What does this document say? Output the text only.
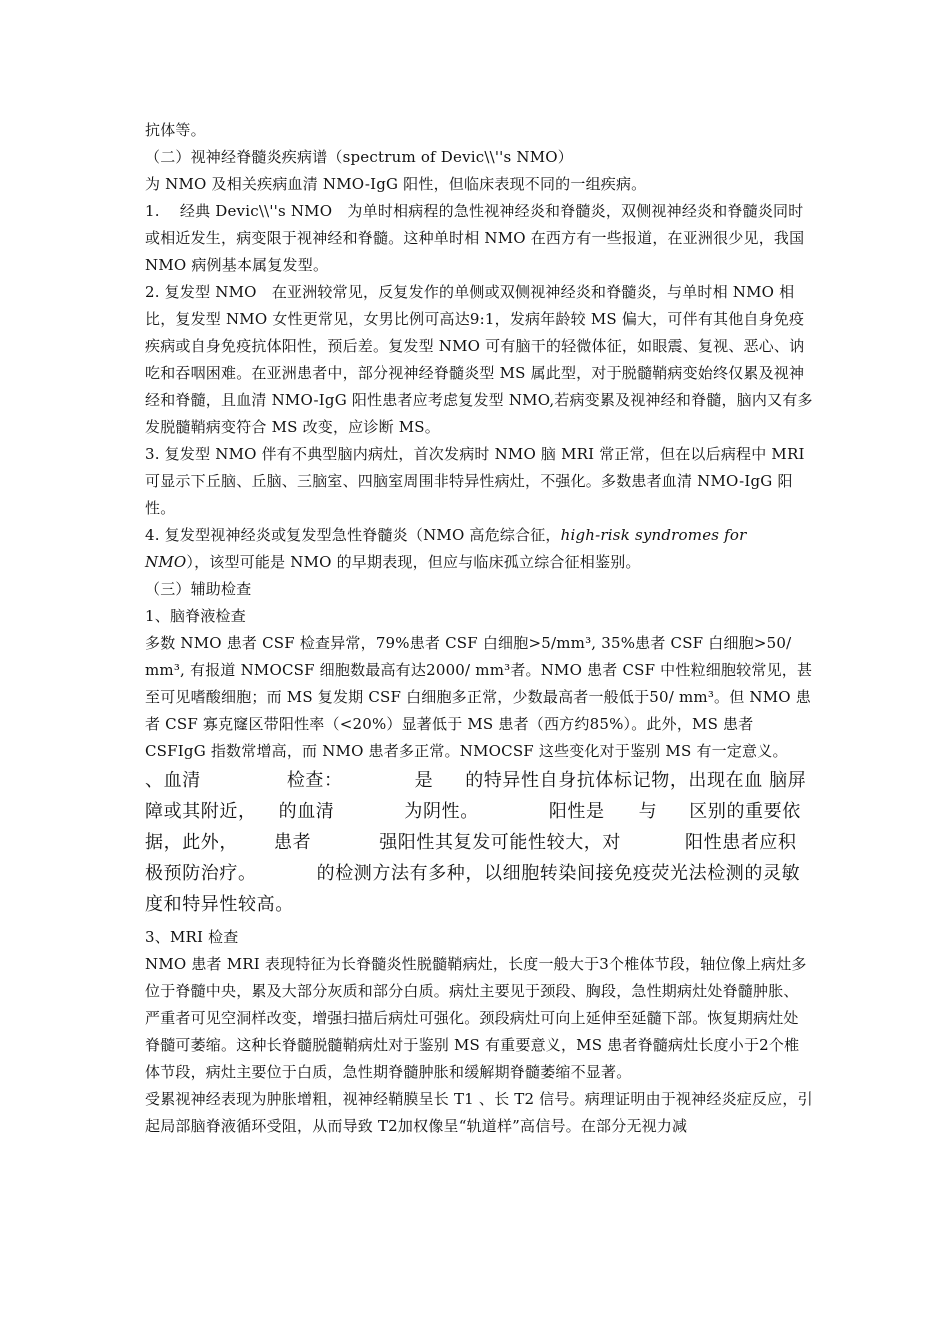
抗体等。

（二）视神经脊髓炎疾病谱（spectrum of Devic\\''s NMO）

为 NMO 及相关疾病血清 NMO-IgG 阳性，但临床表现不同的一组疾病。

1.　 经典 Devic\\''s NMO　为单时相病程的急性视神经炎和脊髓炎，双侧视神经炎和脊髓炎同时或相近发生，病变限于视神经和脊髓。这种单时相 NMO 在西方有一些报道，在亚洲很少见，我国 NMO 病例基本属复发型。

2. 复发型 NMO　在亚洲较常见，反复发作的单侧或双侧视神经炎和脊髓炎，与单时相 NMO 相比，复发型 NMO 女性更常见，女男比例可高达9:1，发病年龄较 MS 偏大，可伴有其他自身免疫疾病或自身免疫抗体阳性，预后差。复发型 NMO 可有脑干的轻微体征，如眼震、复视、恶心、讷吃和吞咽困难。在亚洲患者中，部分视神经脊髓炎型 MS 属此型，对于脱髓鞘病变始终仅累及视神经和脊髓，且血清 NMO-IgG 阳性患者应考虑复发型 NMO,若病变累及视神经和脊髓，脑内又有多发脱髓鞘病变符合 MS 改变，应诊断 MS。

3. 复发型 NMO 伴有不典型脑内病灶，首次发病时 NMO 脑 MRI 常正常，但在以后病程中 MRI 可显示下丘脑、丘脑、三脑室、四脑室周围非特异性病灶，不强化。多数患者血清 NMO-IgG 阳性。

4. 复发型视神经炎或复发型急性脊髓炎（NMO 高危综合征，high-risk syndromes for NMO），该型可能是 NMO 的早期表现，但应与临床孤立综合征相鉴别。

（三）辅助检查

1、脑脊液检查

多数 NMO 患者 CSF 检查异常，79%患者 CSF 白细胞>5/mm³, 35%患者 CSF 白细胞>50/ mm³, 有报道 NMOCSF 细胞数最高有达2000/ mm³者。NMO 患者 CSF 中性粒细胞较常见，甚至可见嗜酸细胞；而 MS 复发期 CSF 白细胞多正常，少数最高者一般低于50/ mm³。但 NMO 患者 CSF 寡克窿区带阳性率（<20%）显著低于 MS 患者（西方约85%）。此外，MS 患者 CSFIgG 指数常增高，而 NMO 患者多正常。NMOCSF 这些变化对于鉴别 MS 有一定意义。

、血清	检查：	是 的特异性自身抗体标记物，出现在血 脑屏障或其附近， 的血清	为阴性。	阳性是 与 区别的重要依据，此外， 患者	强阳性其复发可能性较大，对	阳性患者应积极预防治疗。	的检测方法有多种，以细胞转染间接免疫荧光法检测的灵敏度和特异性较高。

3、MRI 检查

NMO 患者 MRI 表现特征为长脊髓炎性脱髓鞘病灶，长度一般大于3个椎体节段，轴位像上病灶多位于脊髓中央，累及大部分灰质和部分白质。病灶主要见于颈段、胸段，急性期病灶处脊髓肿胀、严重者可见空洞样改变，增强扫描后病灶可强化。颈段病灶可向上延伸至延髓下部。恢复期病灶处脊髓可萎缩。这种长脊髓脱髓鞘病灶对于鉴别 MS 有重要意义，MS 患者脊髓病灶长度小于2个椎体节段，病灶主要位于白质，急性期脊髓肿胀和缓解期脊髓萎缩不显著。

受累视神经表现为肿胀增粗，视神经鞘膜呈长 T1 、长 T2 信号。病理证明由于视神经炎症反应，引起局部脑脊液循环受阻，从而导致 T2加权像呈“轨道样”高信号。在部分无视力减
